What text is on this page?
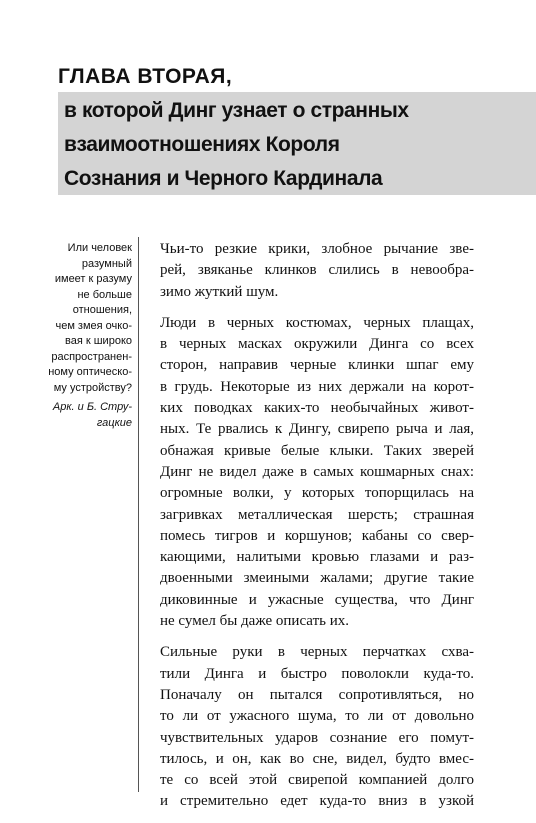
ГЛАВА ВТОРАЯ,
в которой Динг узнает о странных
взаимоотношениях Короля
Сознания и Черного Кардинала
Или человек
разумный
имеет к разуму
не больше
отношения,
чем змея очко-
вая к широко
распространен-
ному оптическо-
му устройству?
Арк. и Б. Стру-
гацкие
Чьи-то резкие крики, злобное рычание звe-
рей, звяканье клинков слились в невообра-
зимо жуткий шум.
Люди в черных костюмах, черных плащах,
в черных масках окружили Динга со всех
сторон, направив черные клинки шпаг ему
в грудь. Некоторые из них держали на корот-
ких поводках каких-то необычайных живот-
ных. Те рвались к Дингу, свирепо рыча и лая,
обнажая кривые белые клыки. Таких зверей
Динг не видел даже в самых кошмарных снах:
огромные волки, у которых топорщилась на
загривках металлическая шерсть; страшная
помесь тигров и коршунов; кабаны со свер-
кающими, налитыми кровью глазами и раз-
двоенными змеиными жалами; другие такие
диковинные и ужасные существа, что Динг
не сумел бы даже описать их.
Сильные руки в черных перчатках схва-
тили Динга и быстро поволокли куда-то.
Поначалу он пытался сопротивляться, но
то ли от ужасного шума, то ли от довольно
чувствительных ударов сознание его помут-
тилось, и он, как во сне, видел, будто вмес-
те со всей этой свирепой компанией долго
и стремительно едет куда-то вниз в узкой
